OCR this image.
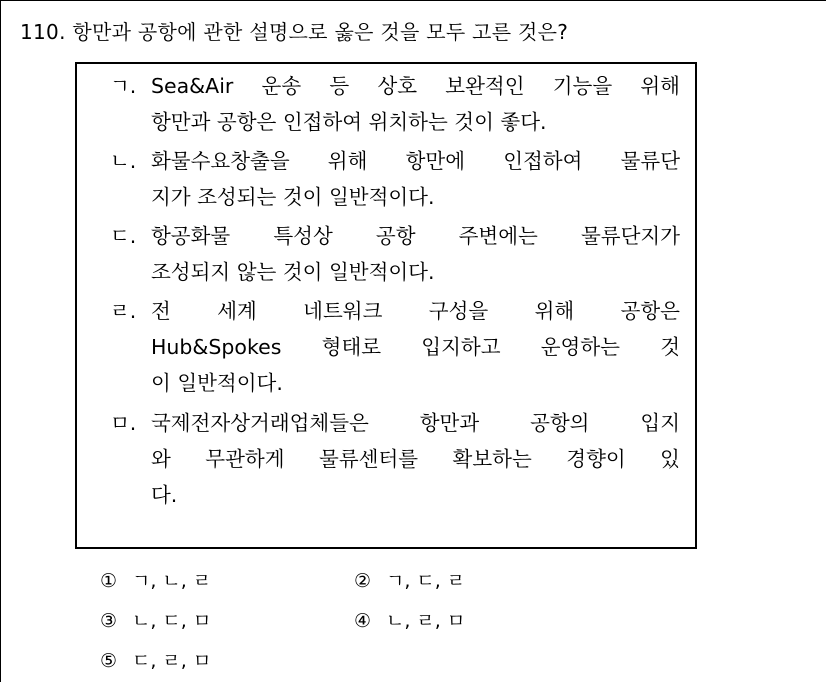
110. 항만과 공항에 관한 설명으로 옳은 것을 모두 고른 것은?
ㄱ. Sea&Air 운송 등 상호 보완적인 기능을 위해
항만과 공항은 인접하여 위치하는 것이 좋다.
ㄴ. 화물수요창출을 위해 항만에 인접하여 물류단
지가 조성되는 것이 일반적이다.
ㄷ. 항공화물 특성상 공항 주변에는 물류단지가
조성되지 않는 것이 일반적이다.
ㄹ. 전 세계 네트워크 구성을 위해 공항은
Hub&Spokes 형태로 입지하고 운영하는 것
이 일반적이다.
ㅁ. 국제전자상거래업체들은 항만과 공항의 입지
와 무관하게 물류센터를 확보하는 경향이 있
다.
① ㄱ, ㄴ, ㄹ	② ㄱ, ㄷ, ㄹ
③ ㄴ, ㄷ, ㅁ	④ ㄴ, ㄹ, ㅁ
⑤ ㄷ, ㄹ, ㅁ
